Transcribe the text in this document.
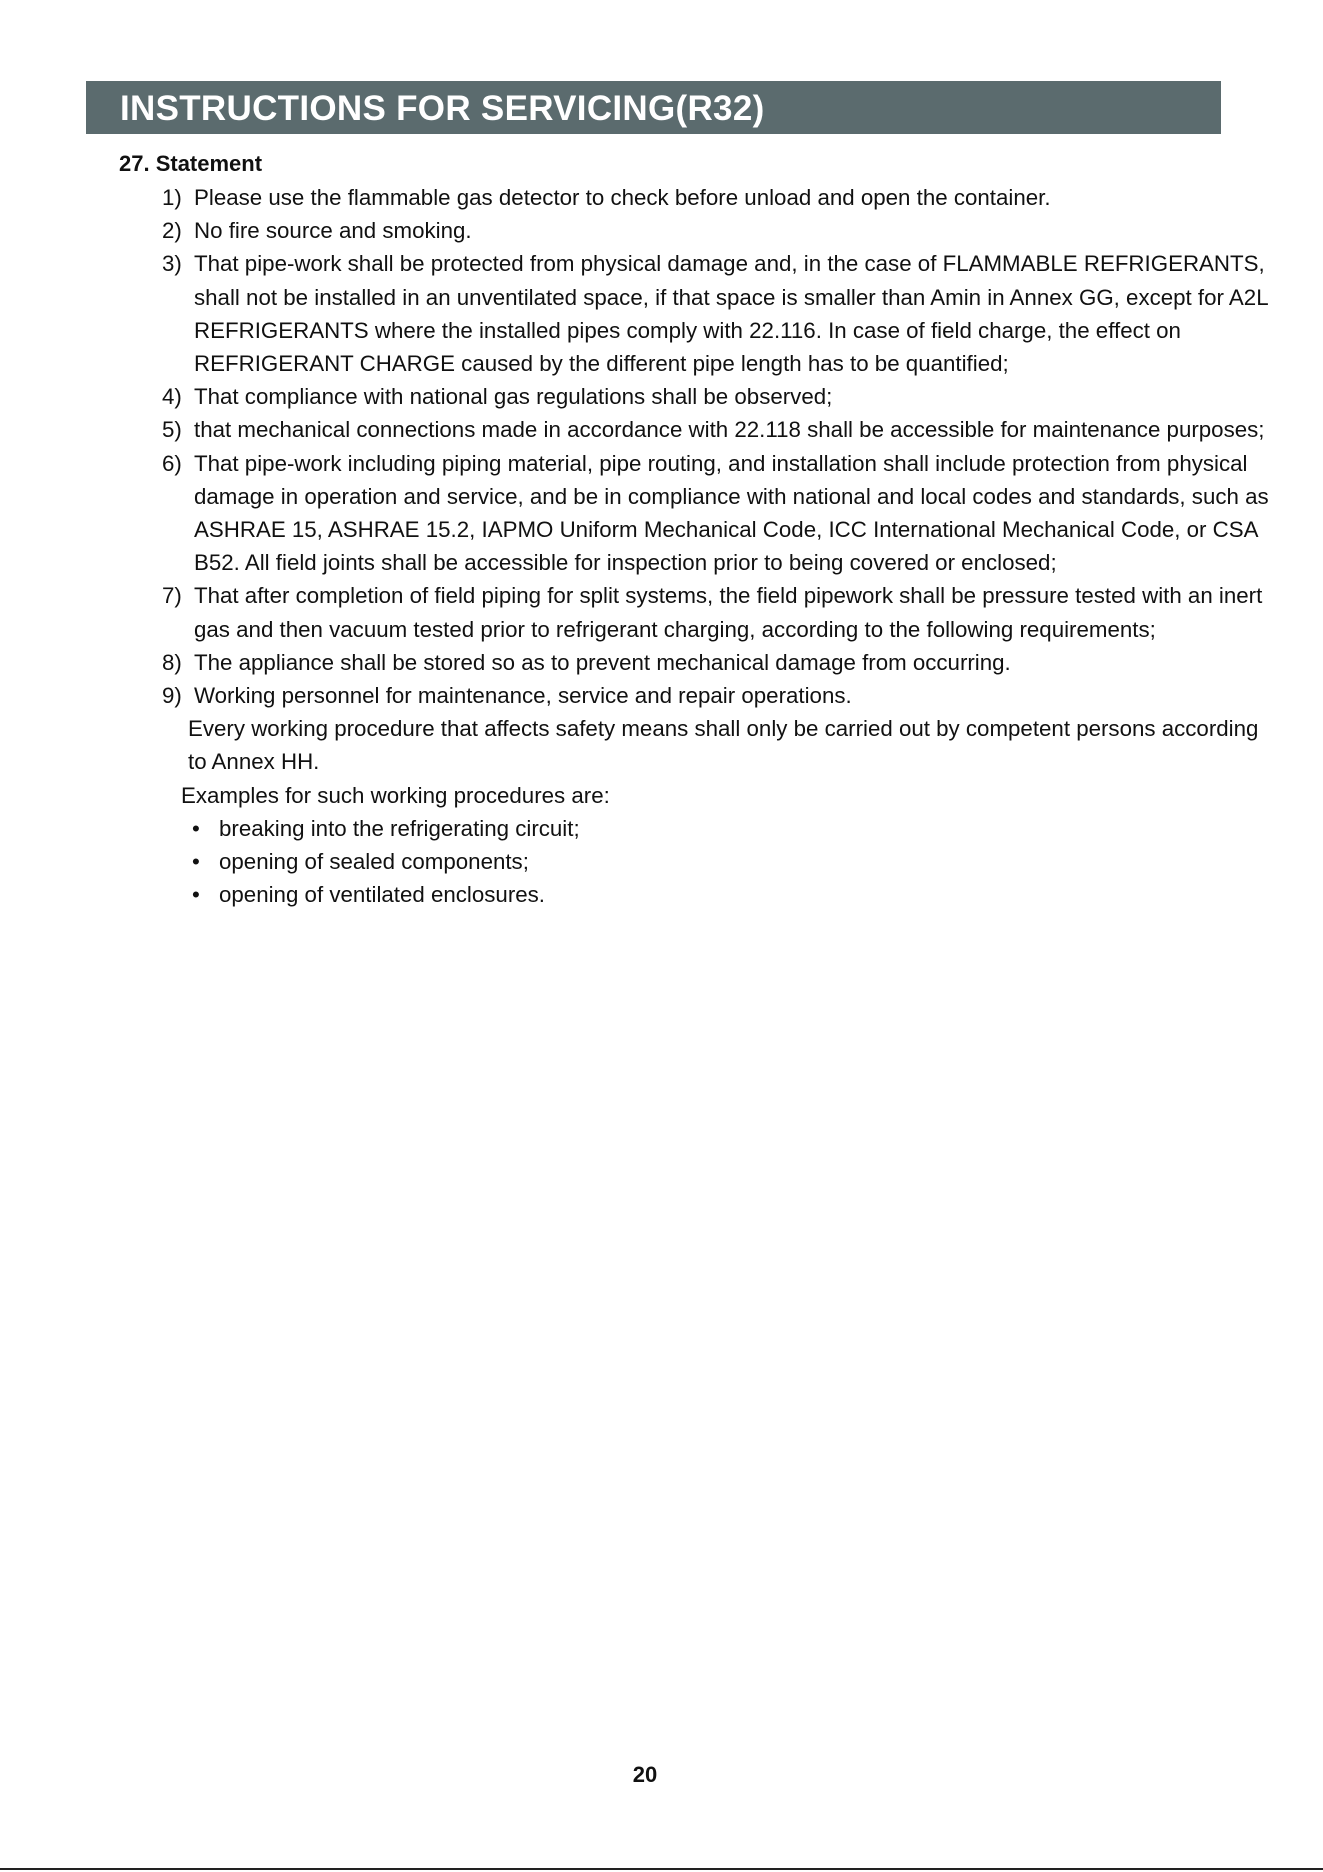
INSTRUCTIONS FOR SERVICING(R32)
27. Statement
1) Please use the flammable gas detector to check before unload and open the container.
2) No fire source and smoking.
3) That pipe-work shall be protected from physical damage and, in the case of FLAMMABLE REFRIGERANTS, shall not be installed in an unventilated space, if that space is smaller than Amin in Annex GG, except for A2L REFRIGERANTS where the installed pipes comply with 22.116. In case of field charge, the effect on REFRIGERANT CHARGE caused by the different pipe length has to be quantified;
4) That compliance with national gas regulations shall be observed;
5) that mechanical connections made in accordance with 22.118 shall be accessible for maintenance purposes;
6) That pipe-work including piping material, pipe routing, and installation shall include protection from physical damage in operation and service, and be in compliance with national and local codes and standards, such as ASHRAE 15, ASHRAE 15.2, IAPMO Uniform Mechanical Code, ICC International Mechanical Code, or CSA B52. All field joints shall be accessible for inspection prior to being covered or enclosed;
7) That after completion of field piping for split systems, the field pipework shall be pressure tested with an inert gas and then vacuum tested prior to refrigerant charging, according to the following requirements;
8) The appliance shall be stored so as to prevent mechanical damage from occurring.
9) Working personnel for maintenance, service and repair operations.
Every working procedure that affects safety means shall only be carried out by competent persons according to Annex HH.
Examples for such working procedures are:
• breaking into the refrigerating circuit;
• opening of sealed components;
• opening of ventilated enclosures.
20
